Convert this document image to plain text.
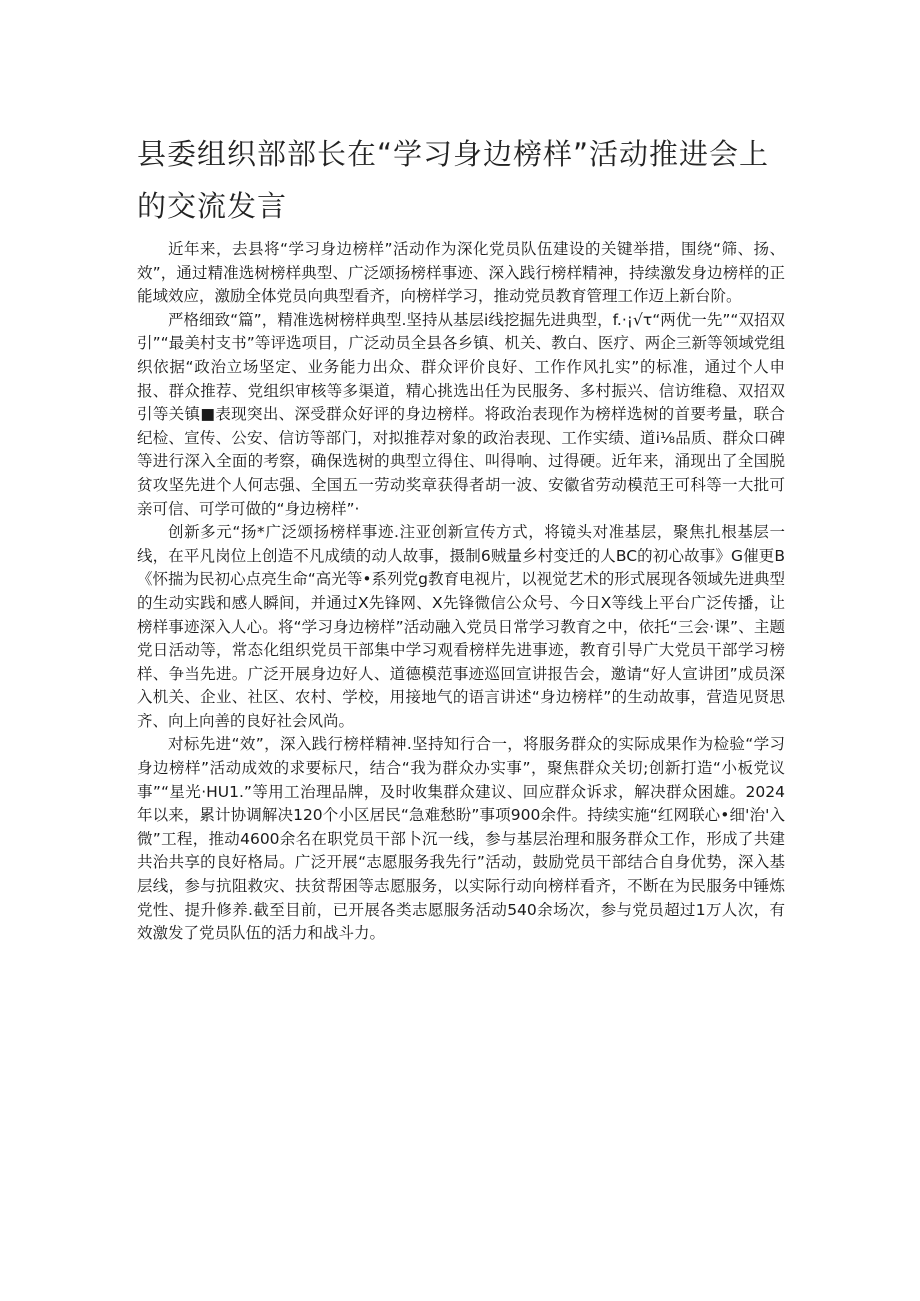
县委组织部部长在“学习身边榜样”活动推进会上的交流发言

近年来，去县将“学习身边榜样”活动作为深化党员队伍建设的关键举措，围绕“筛、扬、效”，通过精准选树榜样典型、广泛颂扬榜样事迹、深入践行榜样精神，持续激发身边榜样的正能域效应，激励全体党员向典型看齐，向榜样学习，推动党员教育管理工作迈上新台阶。

严格细致“篇”，精准选树榜样典型.坚持从基层i线挖掘先进典型，f.·¡√τ“两优一先”“双招双引”“最美村支书”等评选项目，广泛动员全县各乡镇、机关、教白、医疗、两企三新等领域党组织依据“政治立场坚定、业务能力出众、群众评价良好、工作作风扎实”的标准，通过个人申报、群众推荐、党组织审核等多渠道，精心挑选出任为民服务、多村振兴、信访维稳、双招双引等关镇■表现突出、深受群众好评的身边榜样。将政治表现作为榜样选树的首要考量，联合纪检、宣传、公安、信访等部门，对拟推荐对象的政治表现、工作实绩、道i⅛品质、群众口碑等进行深入全面的考察，确保选树的典型立得住、叫得响、过得硬。近年来，涌现出了全国脱贫攻坚先进个人何志强、全国五一劳动奖章获得者胡一波、安徽省劳动模范王可科等一大批可亲可信、可学可做的“身边榜样”·

创新多元“扬*广泛颂扬榜样事迹.注亚创新宣传方式，将镜头对准基层，聚焦扎根基层一线，在平凡岗位上创造不凡成绩的动人故事，摄制6贼量乡村变迁的人BC的初心故事》G催更B《怀揣为民初心点亮生命“高光等•系列党g教育电视片，以视觉艺术的形式展现各领域先进典型的生动实践和感人瞬间，并通过X先锋网、X先锋微信公众号、今日X等线上平台广泛传播，让榜样事迹深入人心。将“学习身边榜样”活动融入党员日常学习教育之中，依托“三会·课”、主题党日活动等，常态化组织党员干部集中学习观看榜样先进事迹，教育引导广大党员干部学习榜样、争当先进。广泛开展身边好人、道德模范事迹巡回宣讲报告会，邀请“好人宣讲团”成员深入机关、企业、社区、农村、学校，用接地气的语言讲述“身边榜样”的生动故事，营造见贤思齐、向上向善的良好社会风尚。

对标先进“效”，深入践行榜样精神.坚持知行合一，将服务群众的实际成果作为检验“学习身边榜样”活动成效的求要标尺，结合“我为群众办实事”，聚焦群众关切;创新打造“小板党议事”“星光·HU1.”等用工治理品牌，及时收集群众建议、回应群众诉求，解决群众困雄。2024年以来，累计协调解决120个小区居民“急难愁盼”事项900余件。持续实施“红网联心•细'治'入微”工程，推动4600余名在职党员干部卜沉一线，参与基层治理和服务群众工作，形成了共建共治共享的良好格局。广泛开展“志愿服务我先行”活动，鼓励党员干部结合自身优势，深入基层线，参与抗阻救灾、扶贫帮困等志愿服务，以实际行动向榜样看齐，不断在为民服务中锤炼党性、提升修养.截至目前，已开展各类志愿服务活动540余场次，参与党员超过1万人次，有效激发了党员队伍的活力和战斗力。
